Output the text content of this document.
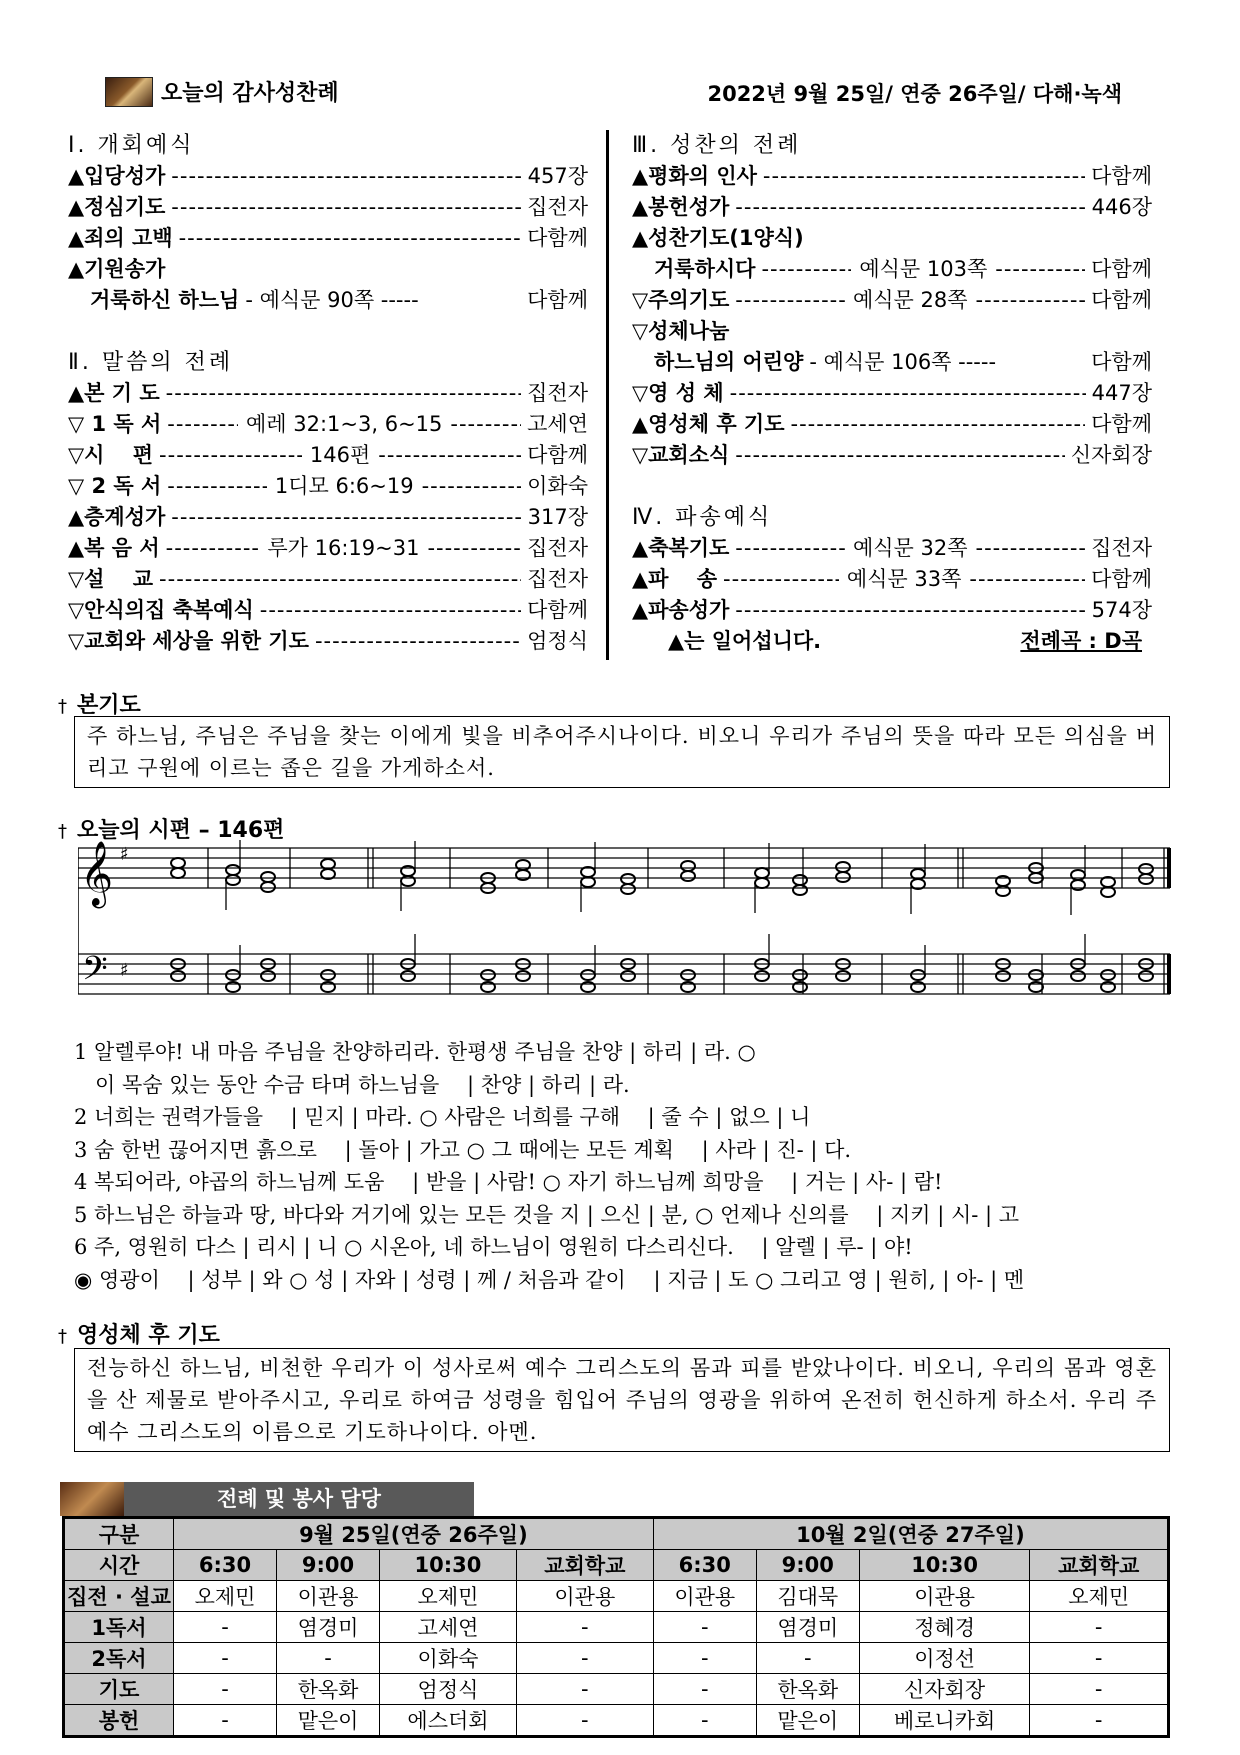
오늘의 감사성찬례	2022년 9월 25일/ 연중 26주일/ 다해·녹색
Ⅰ. 개회예식
▲입당성가 -----	457장
▲정심기도 -----	집전자
▲죄의 고백 -----	다함께
▲기원송가
거룩하신 하느님 - 예식문 90쪽 -----	다함께
Ⅱ. 말씀의 전례
▲본 기 도 -----	집전자
▽ 1 독 서 -----	예레 32:1~3, 6~15 -----	고세연
▽시　 편 -----	146편 -----	다함께
▽ 2 독 서 -----	1디모 6:6~19 -----	이화숙
▲층계성가 -----	317장
▲복 음 서 -----	루가 16:19~31 -----	집전자
▽설　 교 -----	집전자
▽안식의집 축복예식 -----	다함께
▽교회와 세상을 위한 기도 -----	엄정식
Ⅲ. 성찬의 전례
▲평화의 인사 -----	다함께
▲봉헌성가 -----	446장
▲성찬기도(1양식)
거룩하시다 -----	예식문 103쪽 -----	다함께
▽주의기도 -----	예식문 28쪽 -----	다함께
▽성체나눔
하느님의 어린양 - 예식문 106쪽 -----	다함께
▽영 성 체 -----	447장
▲영성체 후 기도 -----	다함께
▽교회소식 -----	신자회장
Ⅳ. 파송예식
▲축복기도 -----	예식문 32쪽 -----	집전자
▲파　 송 -----	예식문 33쪽 -----	다함께
▲파송성가 -----	574장
▲는 일어섭니다.	전례곡 : D곡
† 본기도
주 하느님, 주님은 주님을 찾는 이에게 빛을 비추어주시나이다. 비오니 우리가 주님의 뜻을 따라 모든 의심을 버리고 구원에 이르는 좁은 길을 가게하소서.
† 오늘의 시편 – 146편
𝄞
𝄢
♯
♯
1 알렐루야! 내 마음 주님을 찬양하리라. 한평생 주님을 찬양 | 하리 | 라. ○
　이 목숨 있는 동안 수금 타며 하느님을 　| 찬양 | 하리 | 라.
2 너희는 권력가들을 　| 믿지 | 마라. ○ 사람은 너희를 구해 　| 줄 수 | 없으 | 니
3 숨 한번 끊어지면 흙으로 　| 돌아 | 가고 ○ 그 때에는 모든 계획 　| 사라 | 진- | 다.
4 복되어라, 야곱의 하느님께 도움 　| 받을 | 사람! ○ 자기 하느님께 희망을 　| 거는 | 사- | 람!
5 하느님은 하늘과 땅, 바다와 거기에 있는 모든 것을 지 | 으신 | 분, ○ 언제나 신의를 　| 지키 | 시- | 고
6 주, 영원히 다스 | 리시 | 니 ○ 시온아, 네 하느님이 영원히 다스리신다. 　| 알렐 | 루- | 야!
◉ 영광이 　| 성부 | 와 ○ 성 | 자와 | 성령 | 께 / 처음과 같이 　| 지금 | 도 ○ 그리고 영 | 원히, | 아- | 멘
† 영성체 후 기도
전능하신 하느님, 비천한 우리가 이 성사로써 예수 그리스도의 몸과 피를 받았나이다. 비오니, 우리의 몸과 영혼을 산 제물로 받아주시고, 우리로 하여금 성령을 힘입어 주님의 영광을 위하여 온전히 헌신하게 하소서. 우리 주 예수 그리스도의 이름으로 기도하나이다. 아멘.
전례 및 봉사 담당
구분	9월 25일(연중 26주일)				10월 2일(연중 27주일)			
시간	6:30	9:00	10:30	교회학교	6:30	9:00	10:30	교회학교
집전 · 설교	오제민	이관용	오제민	이관용	이관용	김대묵	이관용	오제민
1독서	-	염경미	고세연	-	-	염경미	정혜경	-
2독서	-	-	이화숙	-	-	-	이정선	-
기도	-	한옥화	엄정식	-	-	한옥화	신자회장	-
봉헌	-	맡은이	에스더회	-	-	맡은이	베로니카회	-
